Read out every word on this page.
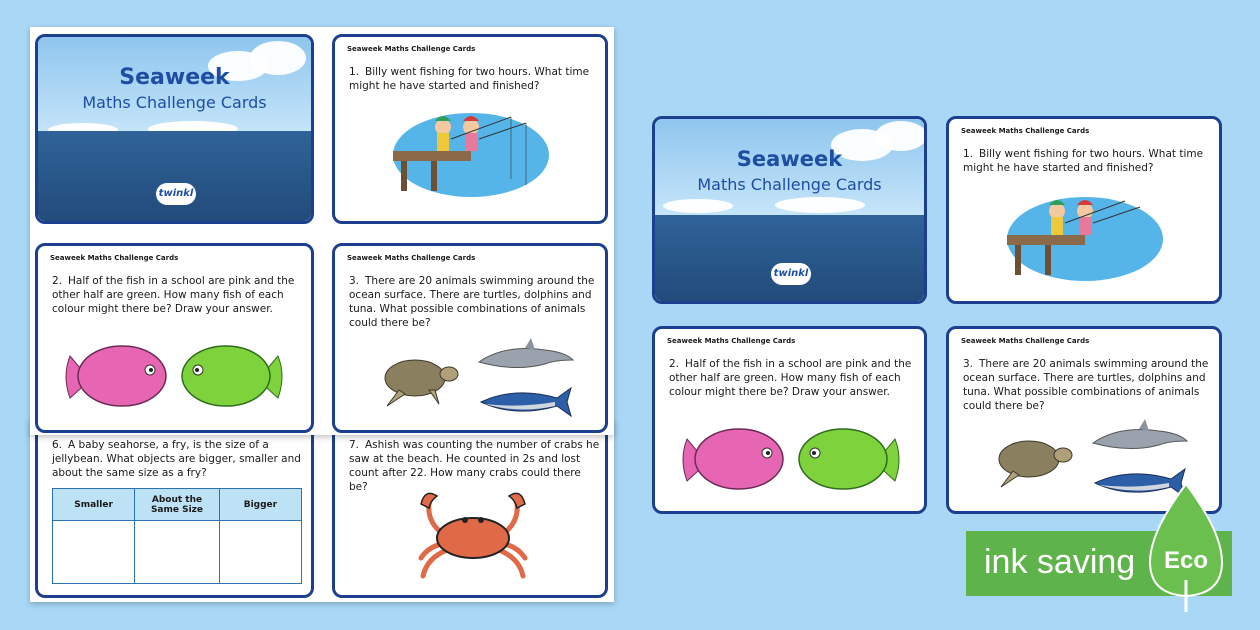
6. A baby seahorse, a fry, is the size of a jellybean. What objects are bigger, smaller and about the same size as a fry?
Smaller	About the Same Size	Bigger

7. Ashish was counting the number of crabs he saw at the beach. He counted in 2s and lost count after 22. How many crabs could there be?
Seaweek
Maths Challenge Cards
twinkl
Seaweek Maths Challenge Cards
1. Billy went fishing for two hours. What time might he have started and finished?
Seaweek Maths Challenge Cards
2. Half of the fish in a school are pink and the other half are green. How many fish of each colour might there be? Draw your answer.
Seaweek Maths Challenge Cards
3. There are 20 animals swimming around the ocean surface. There are turtles, dolphins and tuna. What possible combinations of animals could there be?
Seaweek
Maths Challenge Cards
twinkl
Seaweek Maths Challenge Cards
1. Billy went fishing for two hours. What time might he have started and finished?
Seaweek Maths Challenge Cards
2. Half of the fish in a school are pink and the other half are green. How many fish of each colour might there be? Draw your answer.
Seaweek Maths Challenge Cards
3. There are 20 animals swimming around the ocean surface. There are turtles, dolphins and tuna. What possible combinations of animals could there be?
ink saving Eco
